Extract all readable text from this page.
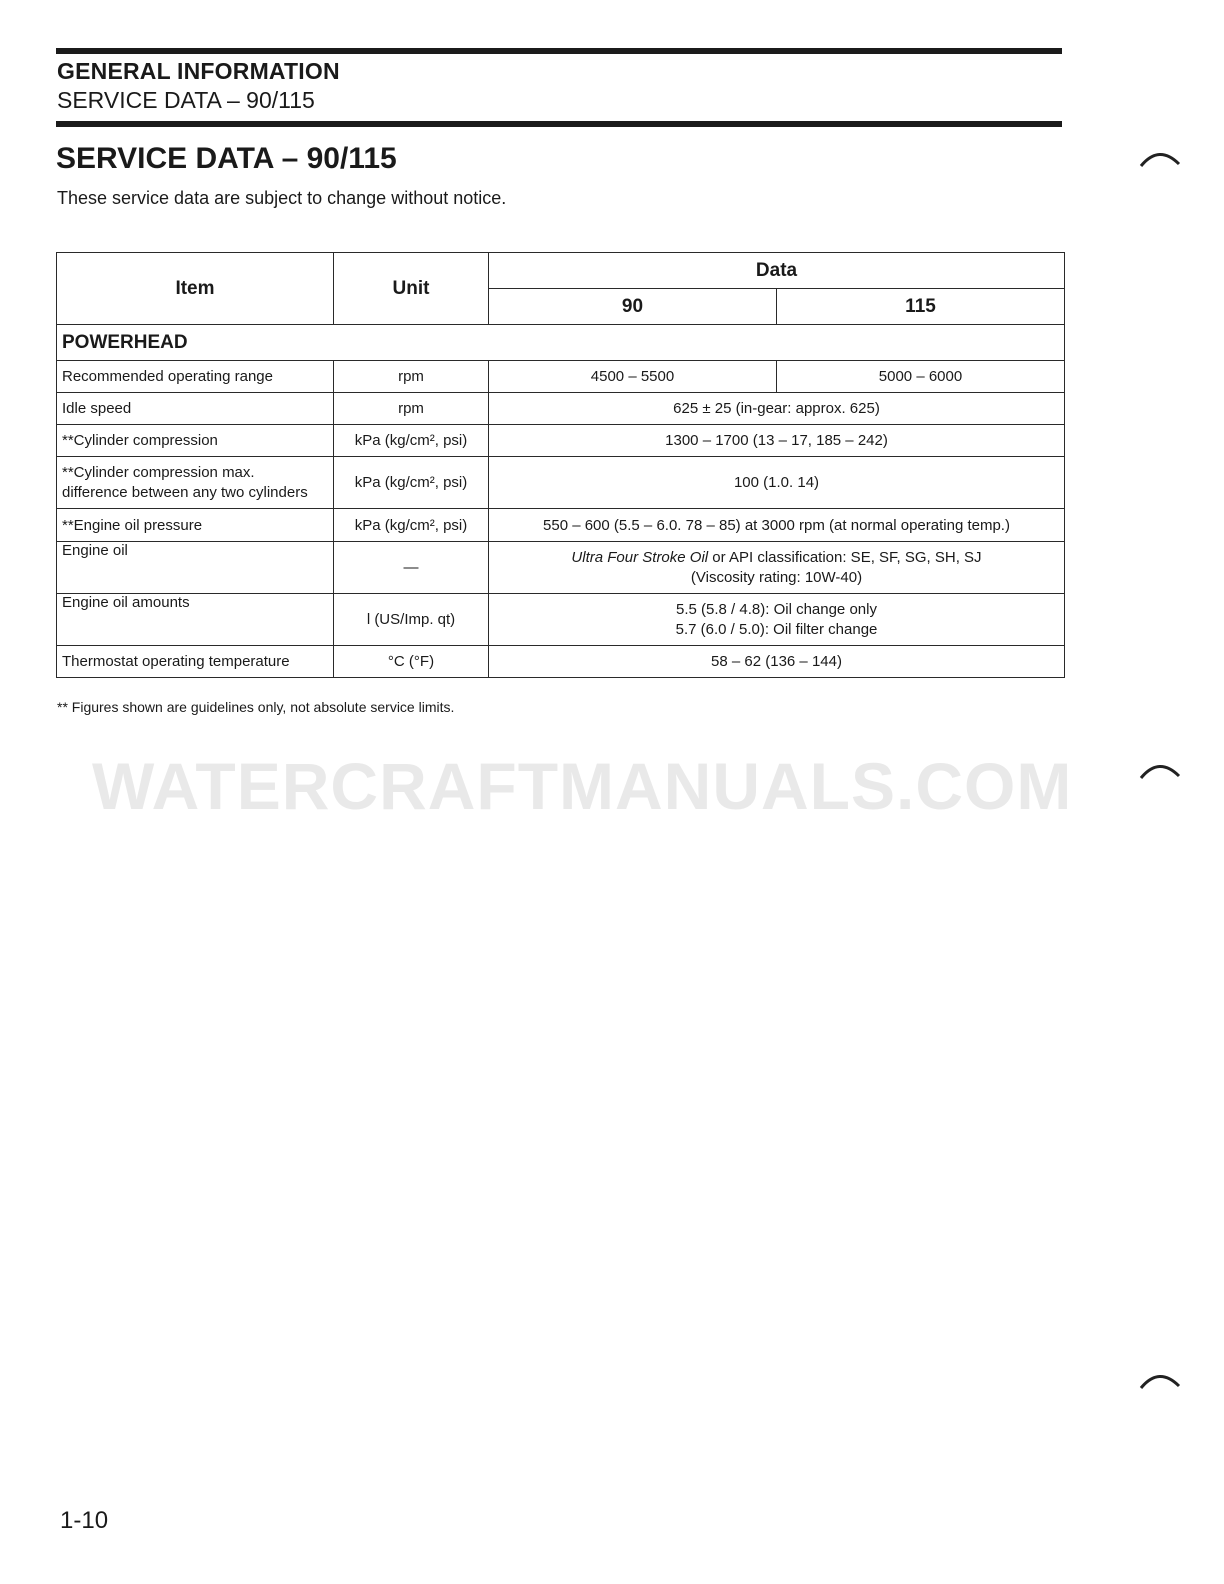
GENERAL INFORMATION
SERVICE DATA – 90/115
SERVICE DATA – 90/115
These service data are subject to change without notice.
Item	Unit	Data	
		90	115
POWERHEAD			
Recommended operating range	rpm	4500 – 5500	5000 – 6000
Idle speed	rpm	625 ± 25 (in-gear: approx. 625)	
**Cylinder compression	kPa (kg/cm², psi)	1300 – 1700 (13 – 17, 185 – 242)	

**Cylinder compression max.
difference between any two cylinders	kPa (kg/cm², psi)	100 (1.0. 14)	
**Engine oil pressure	kPa (kg/cm², psi)	550 – 600 (5.5 – 6.0. 78 – 85) at 3000 rpm (at normal operating temp.)	
Engine oil	—	Ultra Four Stroke Oil or API classification: SE, SF, SG, SH, SJ
(Viscosity rating: 10W-40)	

Engine oil amounts	l (US/Imp. qt)	5.5 (5.8 / 4.8): Oil change only
5.7 (6.0 / 5.0): Oil filter change	

Thermostat operating temperature	°C (°F)	58 – 62 (136 – 144)	
** Figures shown are guidelines only, not absolute service limits.
WATERCRAFTMANUALS.COM
1-10
